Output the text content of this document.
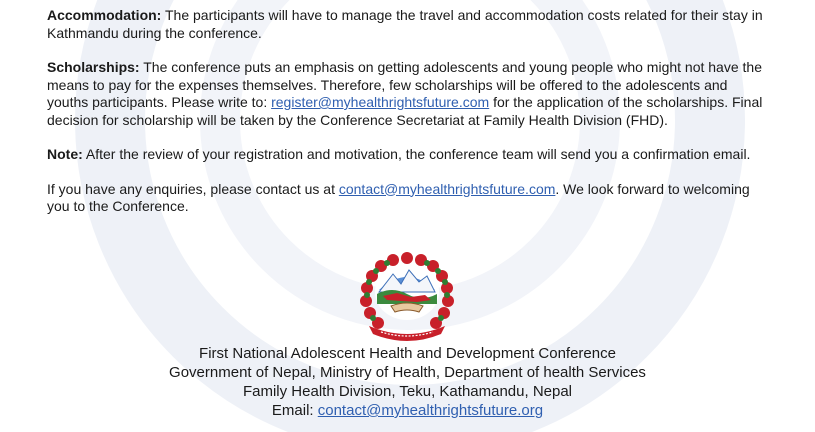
Accommodation: The participants will have to manage the travel and accommodation costs related for their stay in Kathmandu during the conference.

Scholarships: The conference puts an emphasis on getting adolescents and young people who might not have the means to pay for the expenses themselves. Therefore, few scholarships will be offered to the adolescents and youths participants. Please write to: register@myhealthrightsfuture.com for the application of the scholarships. Final decision for scholarship will be taken by the Conference Secretariat at Family Health Division (FHD).

Note: After the review of your registration and motivation, the conference team will send you a confirmation email.

If you have any enquiries, please contact us at contact@myhealthrightsfuture.com. We look forward to welcoming you to the Conference.

First National Adolescent Health and Development Conference
Government of Nepal, Ministry of Health, Department of health Services
Family Health Division, Teku, Kathamandu, Nepal
Email: contact@myhealthrightsfuture.org
